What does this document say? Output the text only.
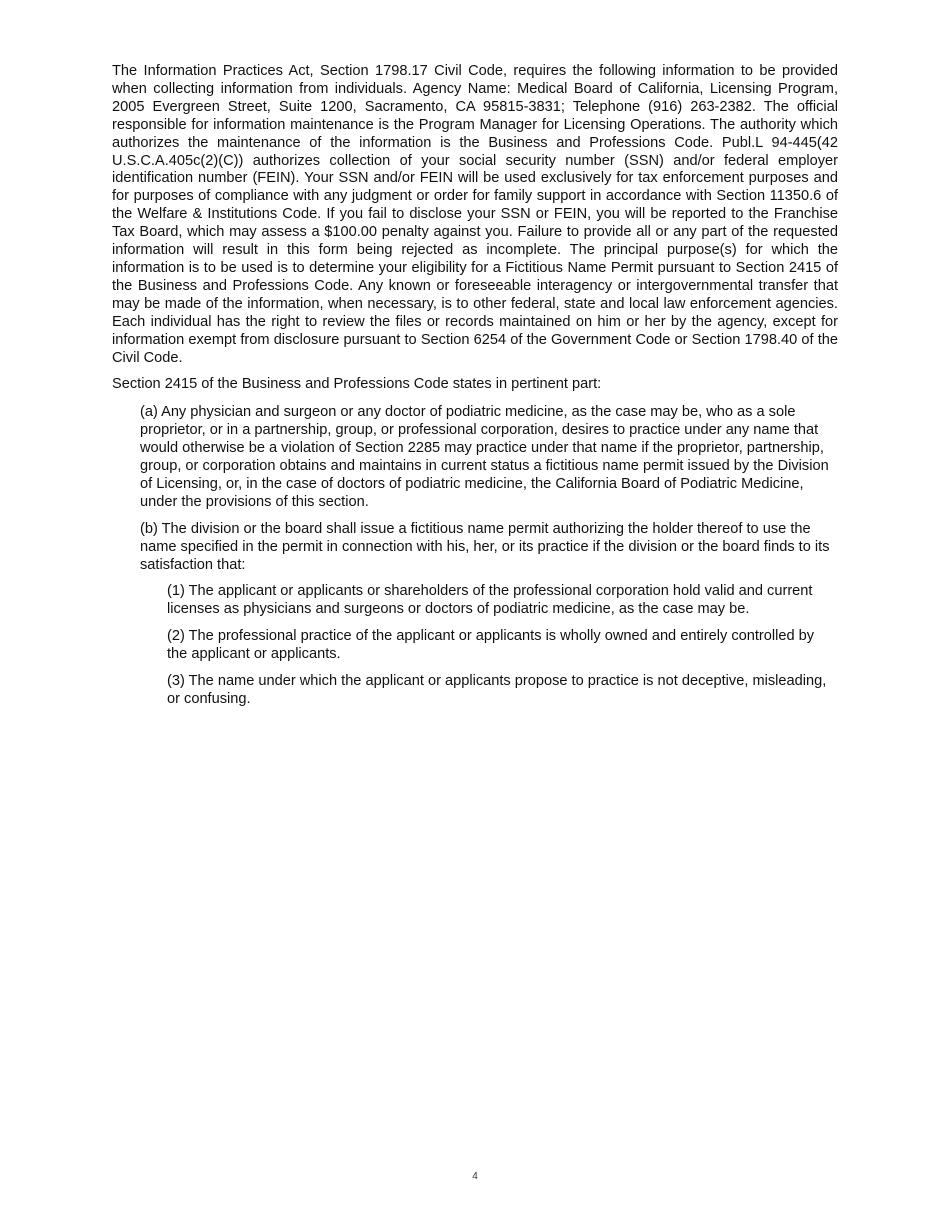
The Information Practices Act, Section 1798.17 Civil Code, requires the following information to be provided when collecting information from individuals. Agency Name: Medical Board of California, Licensing Program, 2005 Evergreen Street, Suite 1200, Sacramento, CA 95815-3831; Telephone (916) 263-2382. The official responsible for information maintenance is the Program Manager for Licensing Operations. The authority which authorizes the maintenance of the information is the Business and Professions Code. Publ.L 94-445(42 U.S.C.A.405c(2)(C)) authorizes collection of your social security number (SSN) and/or federal employer identification number (FEIN). Your SSN and/or FEIN will be used exclusively for tax enforcement purposes and for purposes of compliance with any judgment or order for family support in accordance with Section 11350.6 of the Welfare & Institutions Code. If you fail to disclose your SSN or FEIN, you will be reported to the Franchise Tax Board, which may assess a $100.00 penalty against you. Failure to provide all or any part of the requested information will result in this form being rejected as incomplete. The principal purpose(s) for which the information is to be used is to determine your eligibility for a Fictitious Name Permit pursuant to Section 2415 of the Business and Professions Code. Any known or foreseeable interagency or intergovernmental transfer that may be made of the information, when necessary, is to other federal, state and local law enforcement agencies. Each individual has the right to review the files or records maintained on him or her by the agency, except for information exempt from disclosure pursuant to Section 6254 of the Government Code or Section 1798.40 of the Civil Code.

Section 2415 of the Business and Professions Code states in pertinent part:

(a) Any physician and surgeon or any doctor of podiatric medicine, as the case may be, who as a sole proprietor, or in a partnership, group, or professional corporation, desires to practice under any name that would otherwise be a violation of Section 2285 may practice under that name if the proprietor, partnership, group, or corporation obtains and maintains in current status a fictitious name permit issued by the Division of Licensing, or, in the case of doctors of podiatric medicine, the California Board of Podiatric Medicine, under the provisions of this section.

(b) The division or the board shall issue a fictitious name permit authorizing the holder thereof to use the name specified in the permit in connection with his, her, or its practice if the division or the board finds to its satisfaction that:

(1) The applicant or applicants or shareholders of the professional corporation hold valid and current licenses as physicians and surgeons or doctors of podiatric medicine, as the case may be.

(2) The professional practice of the applicant or applicants is wholly owned and entirely controlled by the applicant or applicants.

(3) The name under which the applicant or applicants propose to practice is not deceptive, misleading, or confusing.

4
